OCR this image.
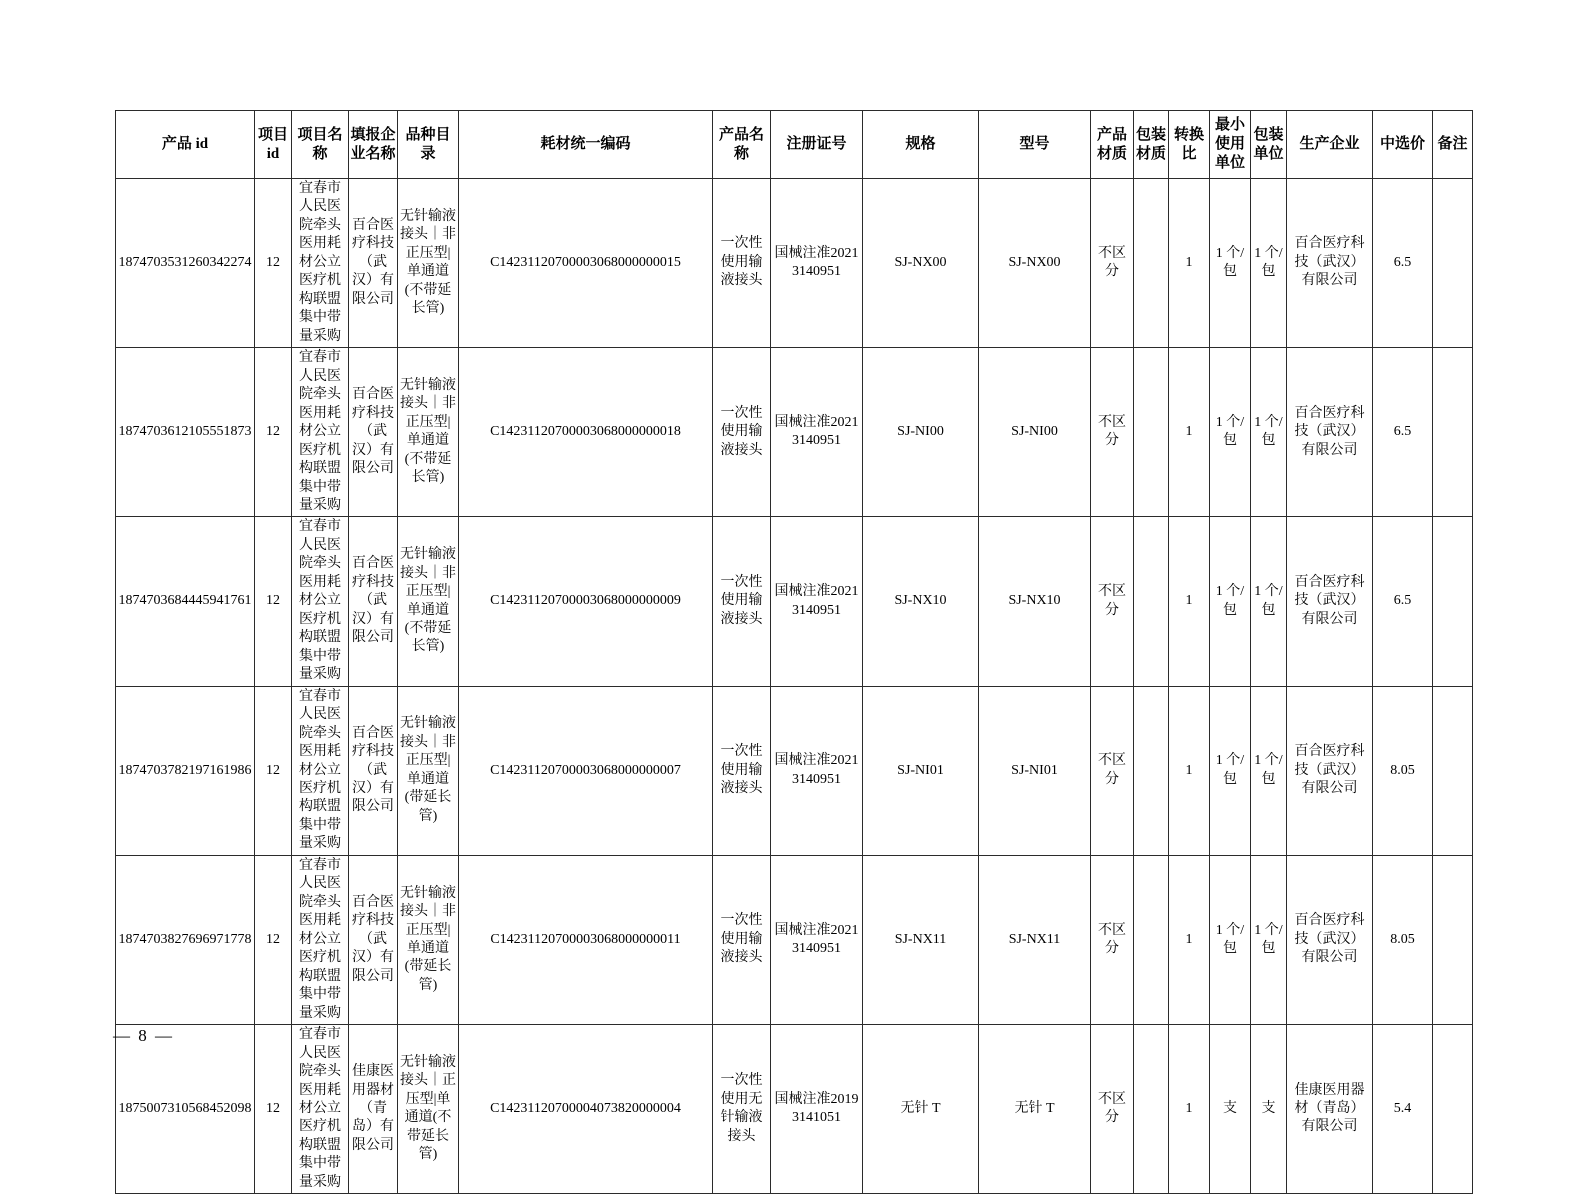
产品 id	项目 id	项目名称	填报企业名称	品种目录	耗材统一编码	产品名称	注册证号	规格	型号	产品材质	包装材质	转换比	最小使用单位	包装单位	生产企业	中选价	备注
1874703531260342274	12	宜春市人民医院牵头医用耗材公立医疗机构联盟集中带量采购	百合医疗科技（武汉）有限公司	无针输液接头｜非正压型|单通道(不带延长管)	C14231120700003068000000015	一次性使用输液接头	国械注准20213140951	SJ-NX00	SJ-NX00	不区分		1	1 个/包	1 个/包	百合医疗科技（武汉）有限公司	6.5	
1874703612105551873	12	宜春市人民医院牵头医用耗材公立医疗机构联盟集中带量采购	百合医疗科技（武汉）有限公司	无针输液接头｜非正压型|单通道(不带延长管)	C14231120700003068000000018	一次性使用输液接头	国械注准20213140951	SJ-NI00	SJ-NI00	不区分		1	1 个/包	1 个/包	百合医疗科技（武汉）有限公司	6.5	
1874703684445941761	12	宜春市人民医院牵头医用耗材公立医疗机构联盟集中带量采购	百合医疗科技（武汉）有限公司	无针输液接头｜非正压型|单通道(不带延长管)	C14231120700003068000000009	一次性使用输液接头	国械注准20213140951	SJ-NX10	SJ-NX10	不区分		1	1 个/包	1 个/包	百合医疗科技（武汉）有限公司	6.5	
1874703782197161986	12	宜春市人民医院牵头医用耗材公立医疗机构联盟集中带量采购	百合医疗科技（武汉）有限公司	无针输液接头｜非正压型|单通道(带延长管)	C14231120700003068000000007	一次性使用输液接头	国械注准20213140951	SJ-NI01	SJ-NI01	不区分		1	1 个/包	1 个/包	百合医疗科技（武汉）有限公司	8.05	
1874703827696971778	12	宜春市人民医院牵头医用耗材公立医疗机构联盟集中带量采购	百合医疗科技（武汉）有限公司	无针输液接头｜非正压型|单通道(带延长管)	C14231120700003068000000011	一次性使用输液接头	国械注准20213140951	SJ-NX11	SJ-NX11	不区分		1	1 个/包	1 个/包	百合医疗科技（武汉）有限公司	8.05	
1875007310568452098	12	宜春市人民医院牵头医用耗材公立医疗机构联盟集中带量采购	佳康医用器材（青岛）有限公司	无针输液接头｜正压型|单通道(不带延长管)	C14231120700004073820000004	一次性使用无针输液接头	国械注准20193141051	无针 T	无针 T	不区分		1	支	支	佳康医用器材（青岛）有限公司	5.4	
— 8 —
